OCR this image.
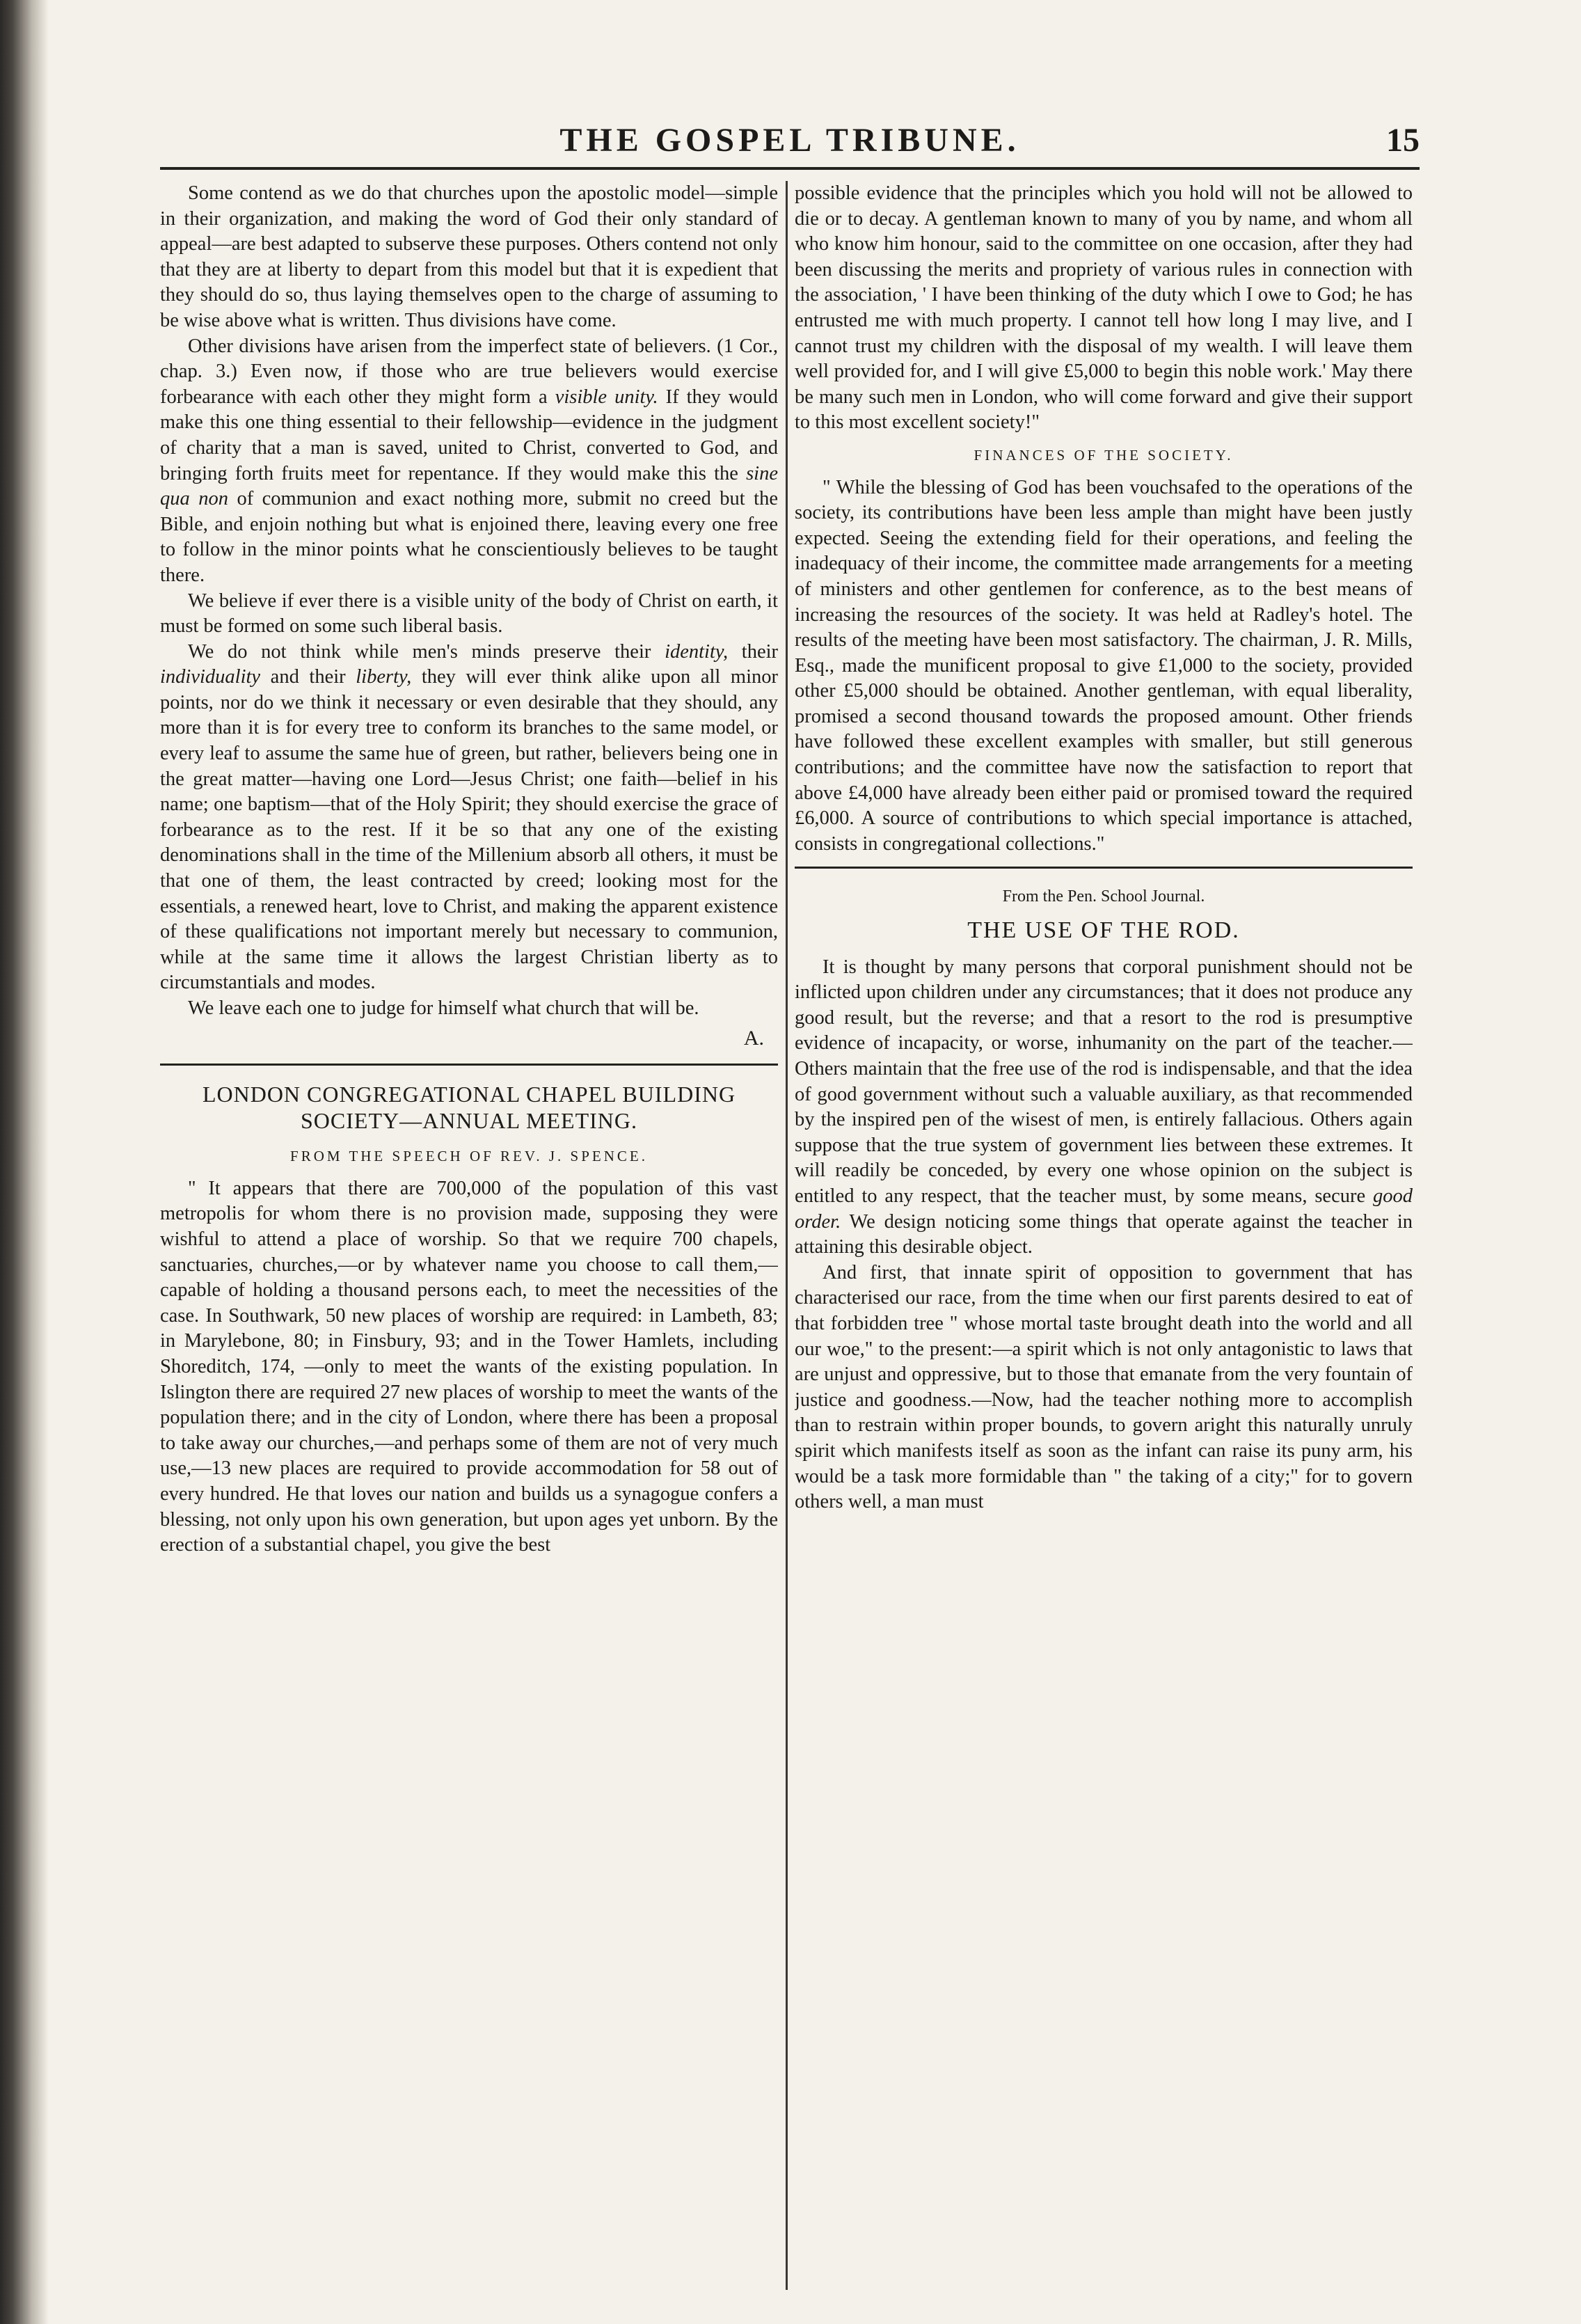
THE GOSPEL TRIBUNE.	15

Some contend as we do that churches upon the apostolic model—simple in their organization, and making the word of God their only standard of appeal—are best adapted to subserve these purposes. Others contend not only that they are at liberty to depart from this model but that it is expedient that they should do so, thus laying themselves open to the charge of assuming to be wise above what is written. Thus divisions have come.

Other divisions have arisen from the imperfect state of believers. (1 Cor., chap. 3.) Even now, if those who are true believers would exercise forbearance with each other they might form a visible unity. If they would make this one thing essential to their fellowship—evidence in the judgment of charity that a man is saved, united to Christ, converted to God, and bringing forth fruits meet for repentance. If they would make this the sine qua non of communion and exact nothing more, submit no creed but the Bible, and enjoin nothing but what is enjoined there, leaving every one free to follow in the minor points what he conscientiously believes to be taught there.

We believe if ever there is a visible unity of the body of Christ on earth, it must be formed on some such liberal basis.

We do not think while men's minds preserve their identity, their individuality and their liberty, they will ever think alike upon all minor points, nor do we think it necessary or even desirable that they should, any more than it is for every tree to conform its branches to the same model, or every leaf to assume the same hue of green, but rather, believers being one in the great matter—having one Lord—Jesus Christ; one faith—belief in his name; one baptism—that of the Holy Spirit; they should exercise the grace of forbearance as to the rest. If it be so that any one of the existing denominations shall in the time of the Millenium absorb all others, it must be that one of them, the least contracted by creed; looking most for the essentials, a renewed heart, love to Christ, and making the apparent existence of these qualifications not important merely but necessary to communion, while at the same time it allows the largest Christian liberty as to circumstantials and modes.

We leave each one to judge for himself what church that will be.

A.
LONDON CONGREGATIONAL CHAPEL BUILDING SOCIETY—ANNUAL MEETING.
FROM THE SPEECH OF REV. J. SPENCE.

" It appears that there are 700,000 of the population of this vast metropolis for whom there is no provision made, supposing they were wishful to attend a place of worship. So that we require 700 chapels, sanctuaries, churches,—or by whatever name you choose to call them,—capable of holding a thousand persons each, to meet the necessities of the case. In Southwark, 50 new places of worship are required: in Lambeth, 83; in Marylebone, 80; in Finsbury, 93; and in the Tower Hamlets, including Shoreditch, 174, —only to meet the wants of the existing population. In Islington there are required 27 new places of worship to meet the wants of the population there; and in the city of London, where there has been a proposal to take away our churches,—and perhaps some of them are not of very much use,—13 new places are required to provide accommodation for 58 out of every hundred. He that loves our nation and builds us a synagogue confers a blessing, not only upon his own generation, but upon ages yet unborn. By the erection of a substantial chapel, you give the best

possible evidence that the principles which you hold will not be allowed to die or to decay. A gentleman known to many of you by name, and whom all who know him honour, said to the committee on one occasion, after they had been discussing the merits and propriety of various rules in connection with the association, ' I have been thinking of the duty which I owe to God; he has entrusted me with much property. I cannot tell how long I may live, and I cannot trust my children with the disposal of my wealth. I will leave them well provided for, and I will give £5,000 to begin this noble work.' May there be many such men in London, who will come forward and give their support to this most excellent society!"

FINANCES OF THE SOCIETY.

" While the blessing of God has been vouchsafed to the operations of the society, its contributions have been less ample than might have been justly expected. Seeing the extending field for their operations, and feeling the inadequacy of their income, the committee made arrangements for a meeting of ministers and other gentlemen for conference, as to the best means of increasing the resources of the society. It was held at Radley's hotel. The results of the meeting have been most satisfactory. The chairman, J. R. Mills, Esq., made the munificent proposal to give £1,000 to the society, provided other £5,000 should be obtained. Another gentleman, with equal liberality, promised a second thousand towards the proposed amount. Other friends have followed these excellent examples with smaller, but still generous contributions; and the committee have now the satisfaction to report that above £4,000 have already been either paid or promised toward the required £6,000. A source of contributions to which special importance is attached, consists in congregational collections."

From the Pen. School Journal.
THE USE OF THE ROD.

It is thought by many persons that corporal punishment should not be inflicted upon children under any circumstances; that it does not produce any good result, but the reverse; and that a resort to the rod is presumptive evidence of incapacity, or worse, inhumanity on the part of the teacher.—Others maintain that the free use of the rod is indispensable, and that the idea of good government without such a valuable auxiliary, as that recommended by the inspired pen of the wisest of men, is entirely fallacious. Others again suppose that the true system of government lies between these extremes. It will readily be conceded, by every one whose opinion on the subject is entitled to any respect, that the teacher must, by some means, secure good order. We design noticing some things that operate against the teacher in attaining this desirable object.

And first, that innate spirit of opposition to government that has characterised our race, from the time when our first parents desired to eat of that forbidden tree " whose mortal taste brought death into the world and all our woe," to the present:—a spirit which is not only antagonistic to laws that are unjust and oppressive, but to those that emanate from the very fountain of justice and goodness.—Now, had the teacher nothing more to accomplish than to restrain within proper bounds, to govern aright this naturally unruly spirit which manifests itself as soon as the infant can raise its puny arm, his would be a task more formidable than " the taking of a city;" for to govern others well, a man must
